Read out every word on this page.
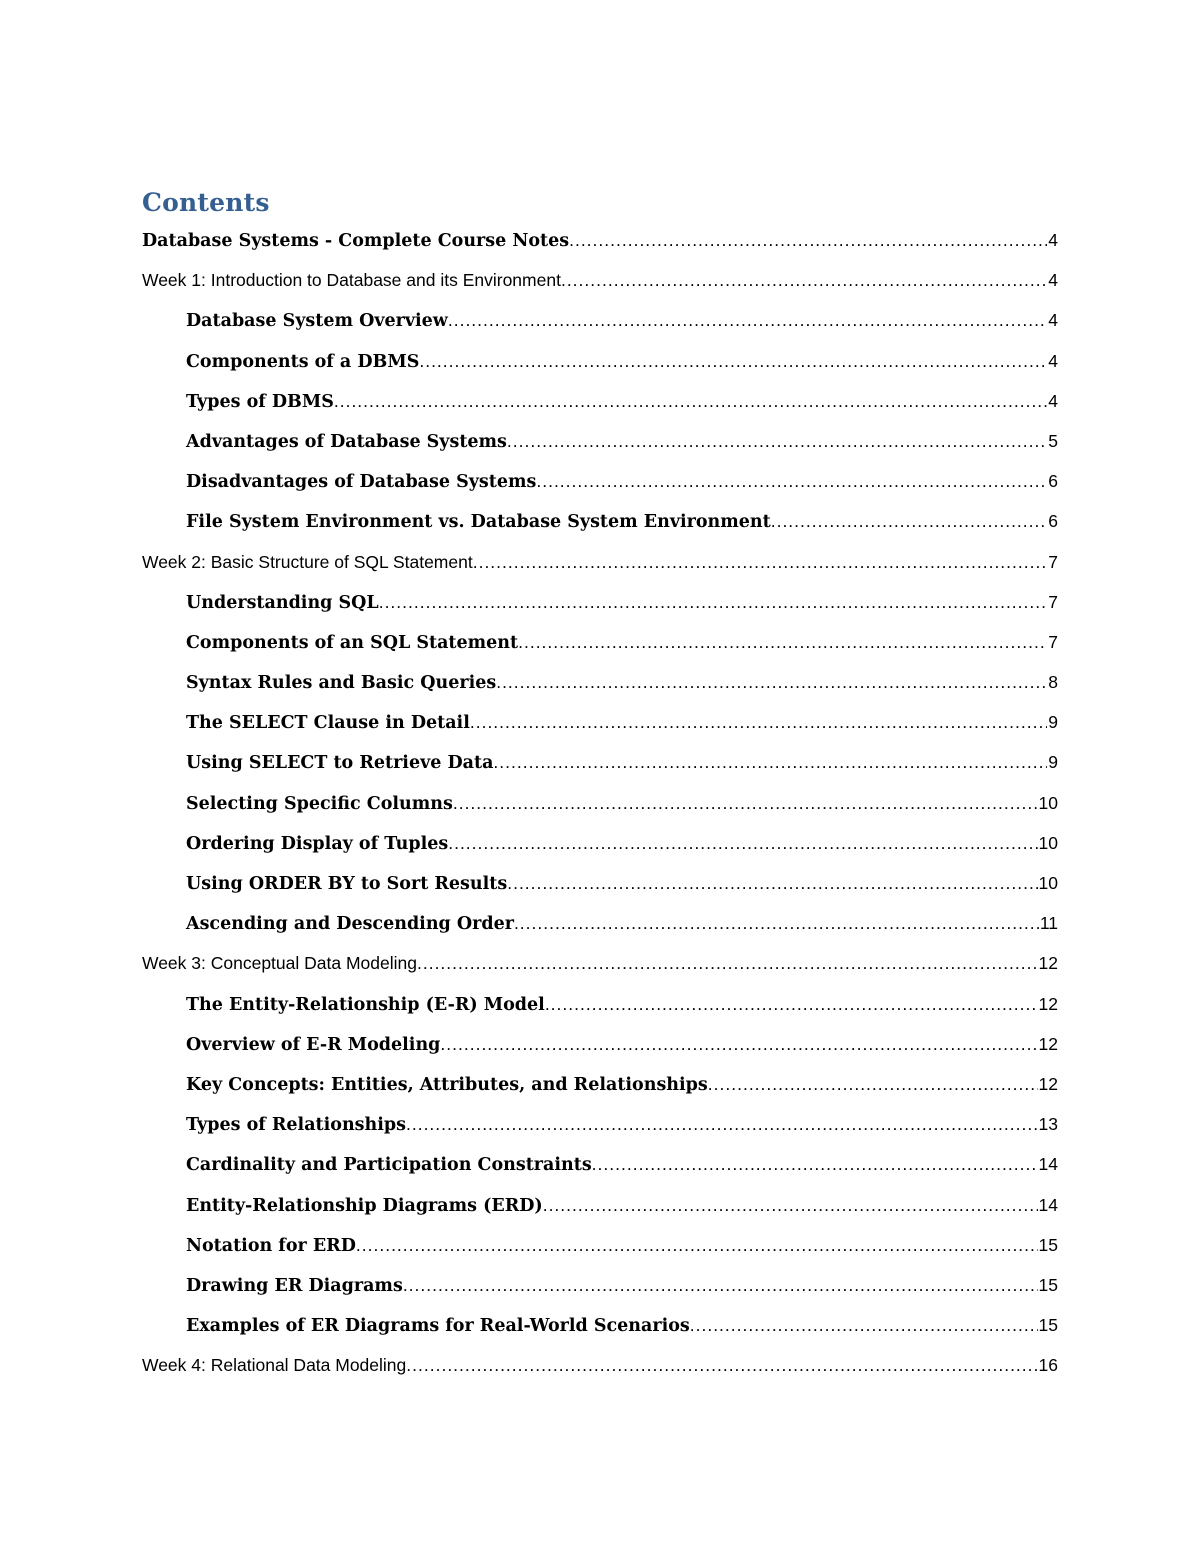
Contents
Database Systems - Complete Course Notes .....	4
Week 1: Introduction to Database and its Environment .....	4
Database System Overview .....	4
Components of a DBMS .....	4
Types of DBMS .....	4
Advantages of Database Systems .....	5
Disadvantages of Database Systems .....	6
File System Environment vs. Database System Environment .....	6
Week 2: Basic Structure of SQL Statement .....	7
Understanding SQL .....	7
Components of an SQL Statement .....	7
Syntax Rules and Basic Queries .....	8
The SELECT Clause in Detail .....	9
Using SELECT to Retrieve Data .....	9
Selecting Specific Columns .....	10
Ordering Display of Tuples .....	10
Using ORDER BY to Sort Results .....	10
Ascending and Descending Order .....	11
Week 3: Conceptual Data Modeling .....	12
The Entity-Relationship (E-R) Model .....	12
Overview of E-R Modeling .....	12
Key Concepts: Entities, Attributes, and Relationships .....	12
Types of Relationships .....	13
Cardinality and Participation Constraints .....	14
Entity-Relationship Diagrams (ERD) .....	14
Notation for ERD .....	15
Drawing ER Diagrams .....	15
Examples of ER Diagrams for Real-World Scenarios .....	15
Week 4: Relational Data Modeling .....	16
